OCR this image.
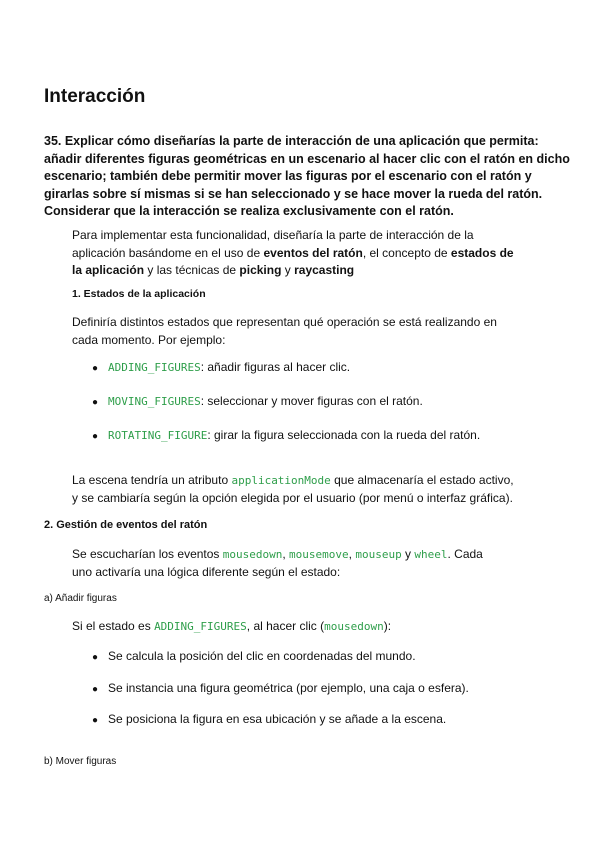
Interacción

35. Explicar cómo diseñarías la parte de interacción de una aplicación que permita:
añadir diferentes figuras geométricas en un escenario al hacer clic con el ratón en dicho
escenario; también debe permitir mover las figuras por el escenario con el ratón y
girarlas sobre sí mismas si se han seleccionado y se hace mover la rueda del ratón.
Considerar que la interacción se realiza exclusivamente con el ratón.

Para implementar esta funcionalidad, diseñaría la parte de interacción de la
aplicación basándome en el uso de eventos del ratón, el concepto de estados de
la aplicación y las técnicas de picking y raycasting

1. Estados de la aplicación

Definiría distintos estados que representan qué operación se está realizando en
cada momento. Por ejemplo:

● ADDING_FIGURES: añadir figuras al hacer clic.

● MOVING_FIGURES: seleccionar y mover figuras con el ratón.

● ROTATING_FIGURE: girar la figura seleccionada con la rueda del ratón.

La escena tendría un atributo applicationMode que almacenaría el estado activo,
y se cambiaría según la opción elegida por el usuario (por menú o interfaz gráfica).

2. Gestión de eventos del ratón

Se escucharían los eventos mousedown, mousemove, mouseup y wheel. Cada
uno activaría una lógica diferente según el estado:

a) Añadir figuras

Si el estado es ADDING_FIGURES, al hacer clic (mousedown):

● Se calcula la posición del clic en coordenadas del mundo.

● Se instancia una figura geométrica (por ejemplo, una caja o esfera).

● Se posiciona la figura en esa ubicación y se añade a la escena.

b) Mover figuras
